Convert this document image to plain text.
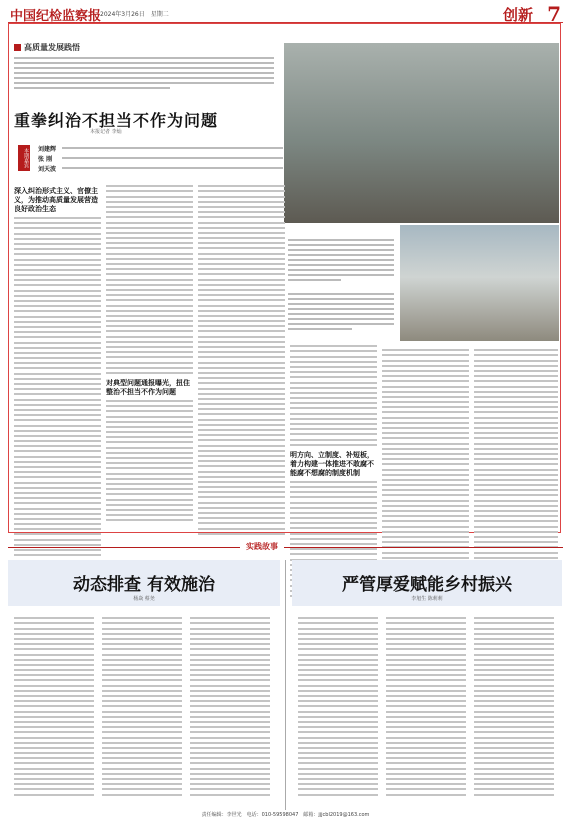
中国纪检监察报
2024年3月26日　星期二	创新 7
高质量发展践悟
重拳纠治不担当不作为问题
本报记者 李灿
本期嘉宾 刘建辉
张 刚
刘天波
深入纠治形式主义、官僚主义，为推动高质量发展营造良好政治生态
对典型问题通报曝光，扭住整治不担当不作为问题
明方向、立制度、补短板，着力构建一体推进不敢腐不能腐不想腐的制度机制
实践故事
动态排查 有效施治
杨焱 蔡尧
严管厚爱赋能乡村振兴
李旭生 陈莉莉
责任编辑：李世光　电话：010-59598047　邮箱：jjjcbl2019@163.com
